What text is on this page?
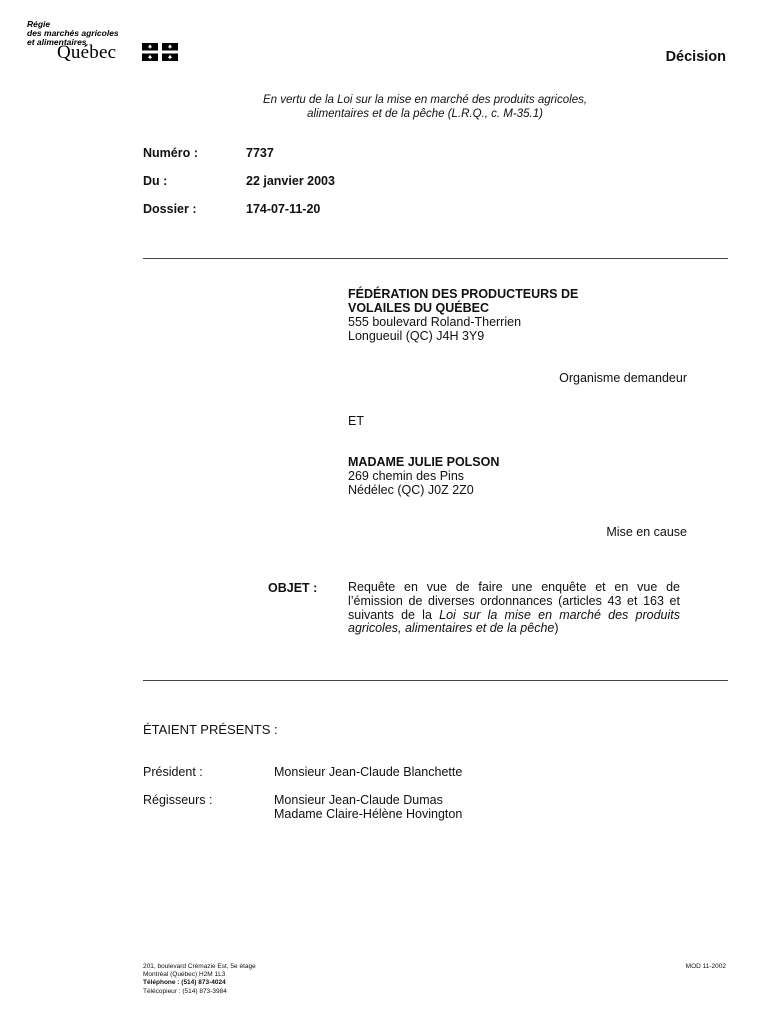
Régie
des marchés agricoles
et alimentaires
Québec	Décision
En vertu de la Loi sur la mise en marché des produits agricoles,
alimentaires et de la pêche (L.R.Q., c. M-35.1)
Numéro :	7737
Du :	22 janvier 2003
Dossier :	174-07-11-20
FÉDÉRATION DES PRODUCTEURS DE
VOLAILES DU QUÉBEC
555 boulevard Roland-Therrien
Longueuil (QC) J4H 3Y9
Organisme demandeur
ET
MADAME JULIE POLSON
269 chemin des Pins
Nédélec (QC) J0Z 2Z0
Mise en cause
OBJET : Requête en vue de faire une enquête et en vue de l’émission de diverses ordonnances (articles 43 et 163 et suivants de la Loi sur la mise en marché des produits agricoles, alimentaires et de la pêche)
ÉTAIENT PRÉSENTS :
Président :	Monsieur Jean-Claude Blanchette
Régisseurs :	Monsieur Jean-Claude Dumas
Madame Claire-Hélène Hovington
201, boulevard Crémazie Est, 5e étage
Montréal (Québec) H2M 1L3
Téléphone : (514) 873-4024
Télécopieur : (514) 873-3984
MOD 11-2002
